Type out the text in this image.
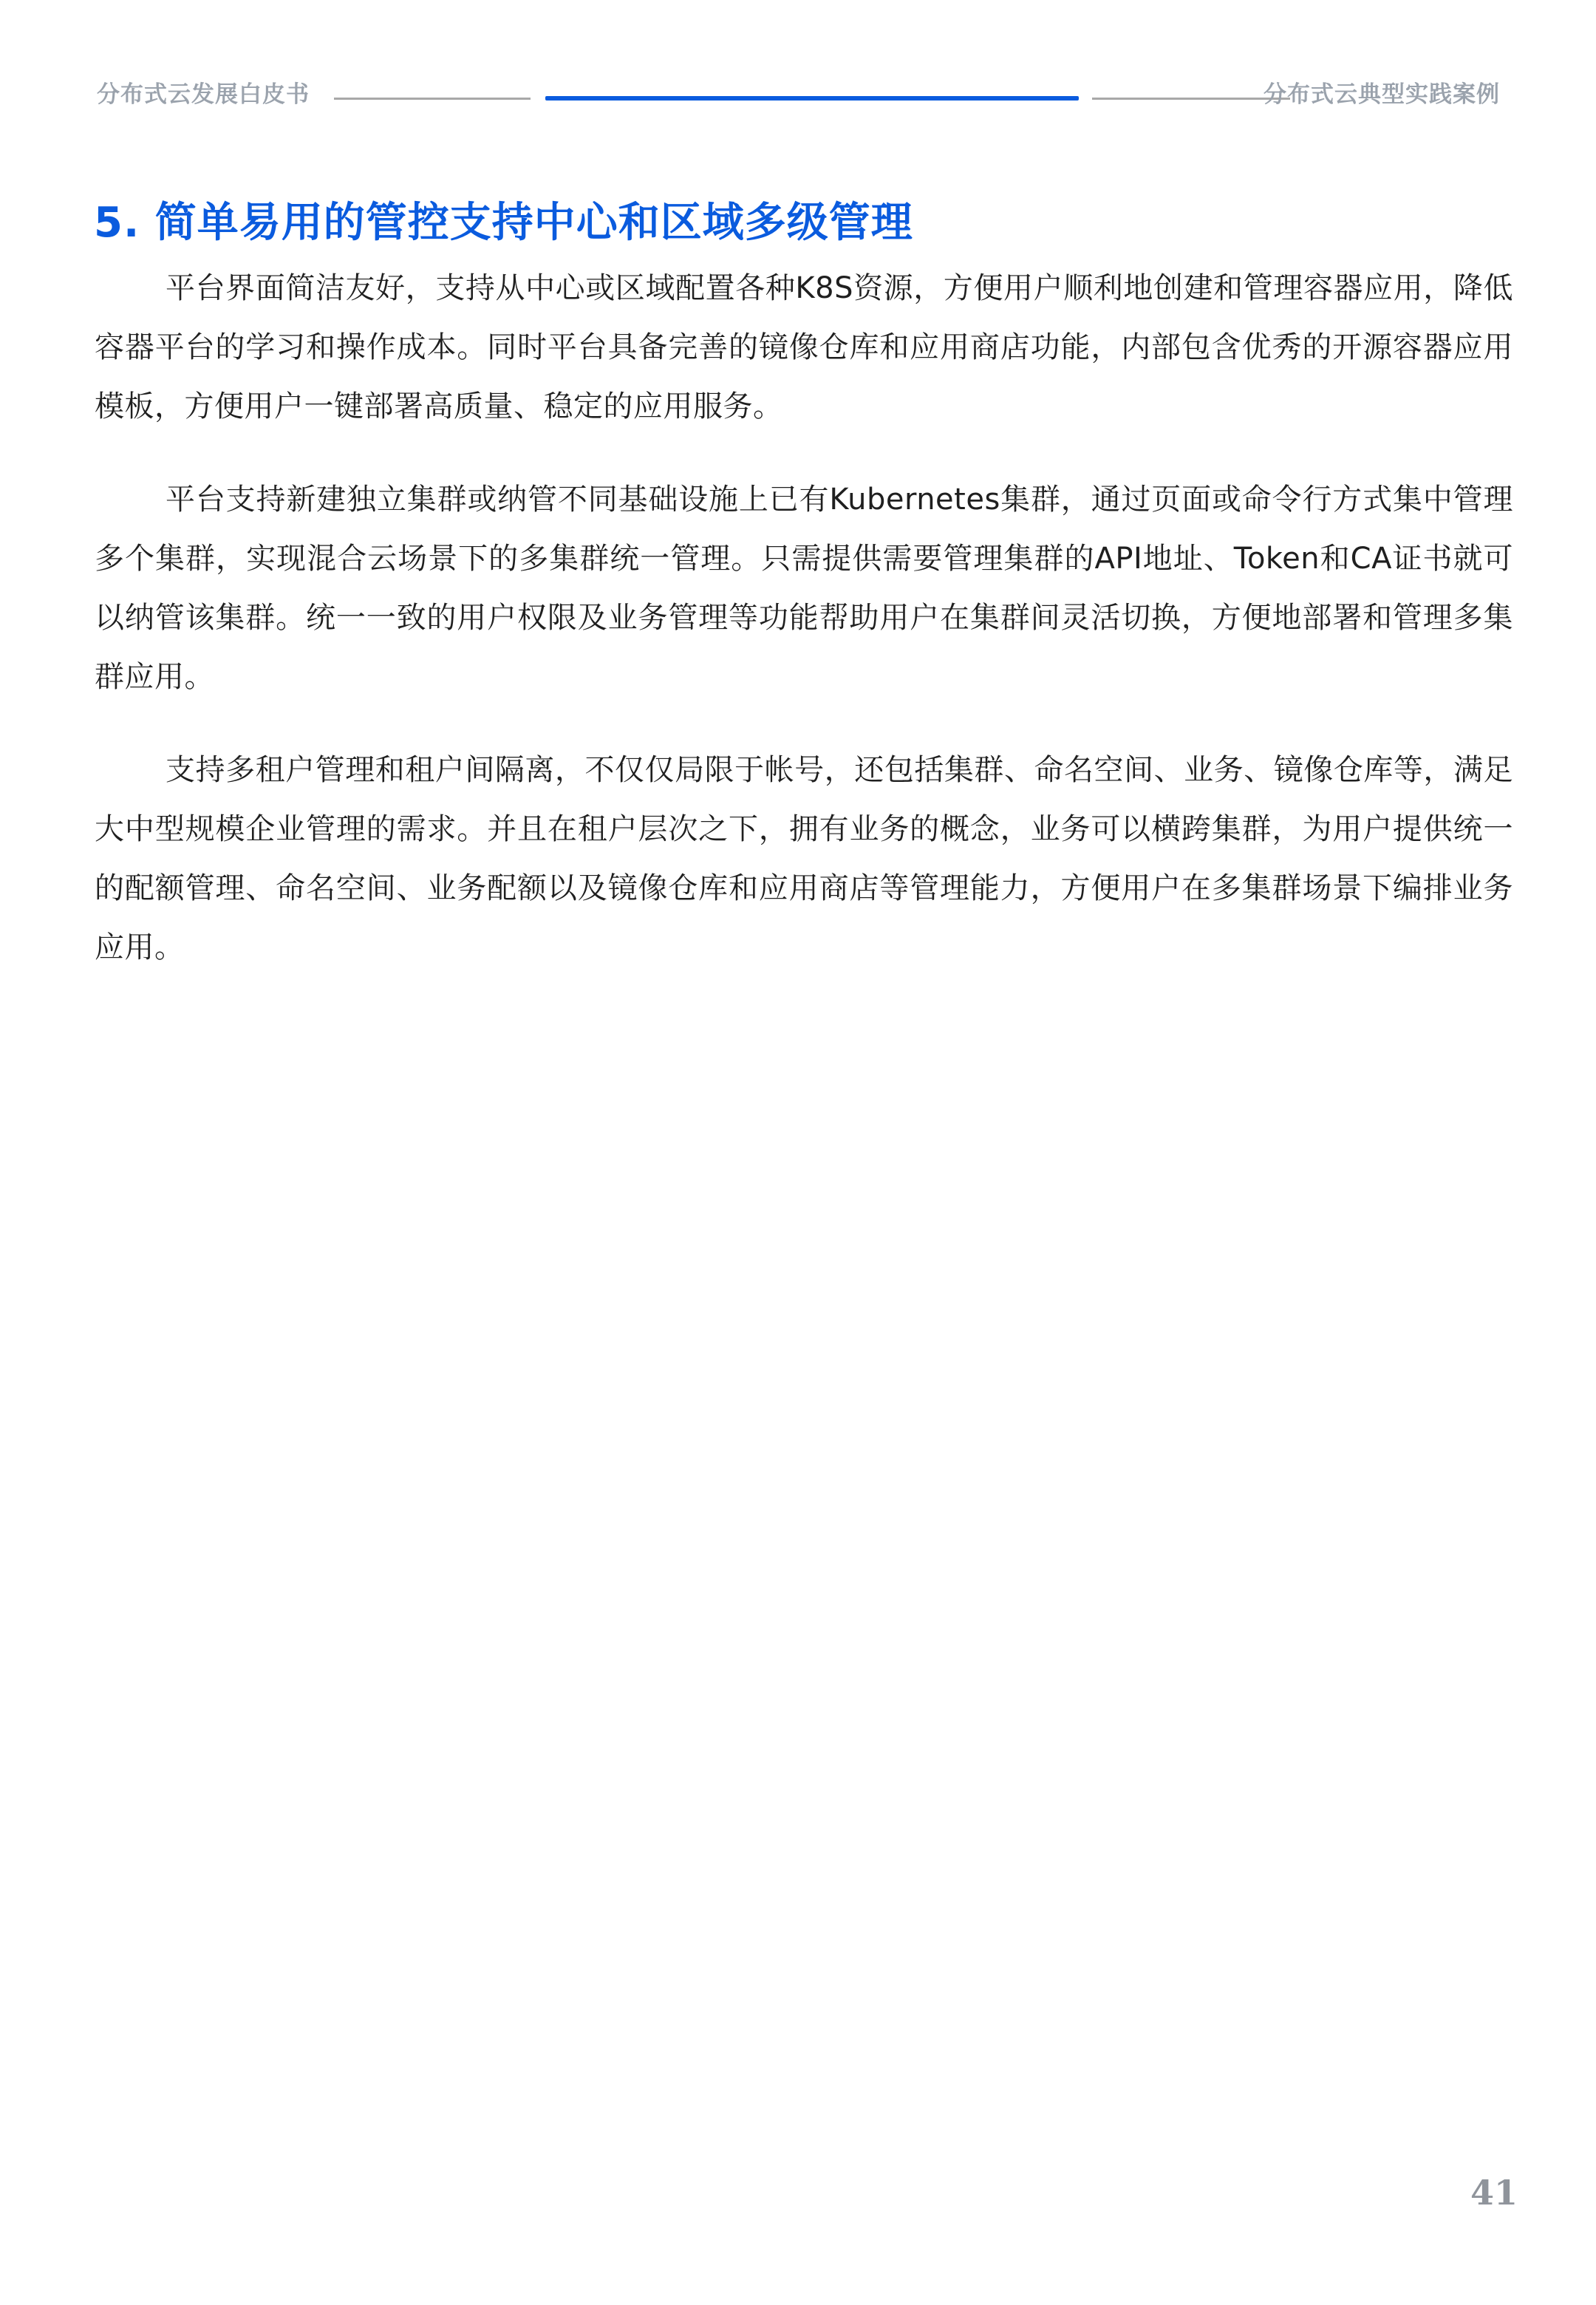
分布式云发展白皮书	分布式云典型实践案例
5. 简单易用的管控支持中心和区域多级管理

平台界面简洁友好，支持从中心或区域配置各种K8S资源，方便用户顺利地创建和管理容器应用，降低容器平台的学习和操作成本。同时平台具备完善的镜像仓库和应用商店功能，内部包含优秀的开源容器应用模板，方便用户一键部署高质量、稳定的应用服务。

平台支持新建独立集群或纳管不同基础设施上已有Kubernetes集群，通过页面或命令行方式集中管理多个集群，实现混合云场景下的多集群统一管理。只需提供需要管理集群的API地址、Token和CA证书就可以纳管该集群。统一一致的用户权限及业务管理等功能帮助用户在集群间灵活切换，方便地部署和管理多集群应用。

支持多租户管理和租户间隔离，不仅仅局限于帐号，还包括集群、命名空间、业务、镜像仓库等，满足大中型规模企业管理的需求。并且在租户层次之下，拥有业务的概念，业务可以横跨集群，为用户提供统一的配额管理、命名空间、业务配额以及镜像仓库和应用商店等管理能力，方便用户在多集群场景下编排业务应用。

41
